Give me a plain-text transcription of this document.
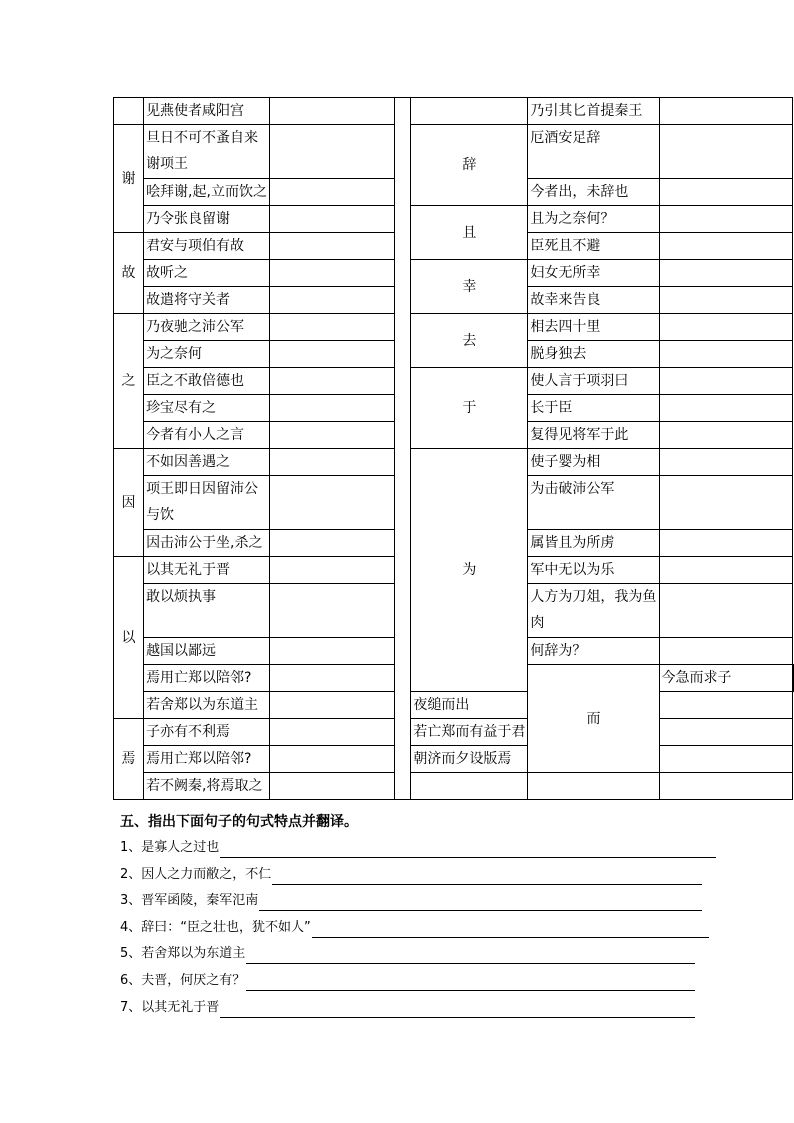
	见燕使者咸阳宫				乃引其匕首提秦王		
谢	旦日不可不蚤自来谢项王			辞	厄酒安足辞		
	哙拜谢,起,立而饮之				今者出，未辞也		
	乃令张良留谢			且	且为之奈何？		
故	君安与项伯有故				臣死且不避		
	故听之			幸	妇女无所幸		
	故遣将守关者				故幸来告良		
之	乃夜驰之沛公军			去	相去四十里		
	为之奈何				脱身独去		
	臣之不敢倍德也			于	使人言于项羽曰		
	珍宝尽有之				长于臣		
	今者有小人之言				复得见将军于此		
因	不如因善遇之			为	使子婴为相		
	项王即日因留沛公与饮				为击破沛公军		
	因击沛公于坐,杀之				属皆且为所虏		
以	以其无礼于晋				军中无以为乐		
	敢以烦执事				人方为刀俎，我为鱼肉		
	越国以鄙远				何辞为？		
	焉用亡郑以陪邻?				而	今急而求子	
	若舍郑以为东道主			夜缒而出			
焉	子亦有不利焉			若亡郑而有益于君			
	焉用亡郑以陪邻?			朝济而夕设版焉			
	若不阙秦,将焉取之						
五、指出下面句子的句式特点并翻译。
1、 是寡人之过也
2、 因人之力而敝之，不仁
3、 晋军函陵，秦军氾南
4、 辞曰：“臣之壮也，犹不如人”
5、 若舍郑以为东道主
6、 夫晋，何厌之有？
7、 以其无礼于晋
